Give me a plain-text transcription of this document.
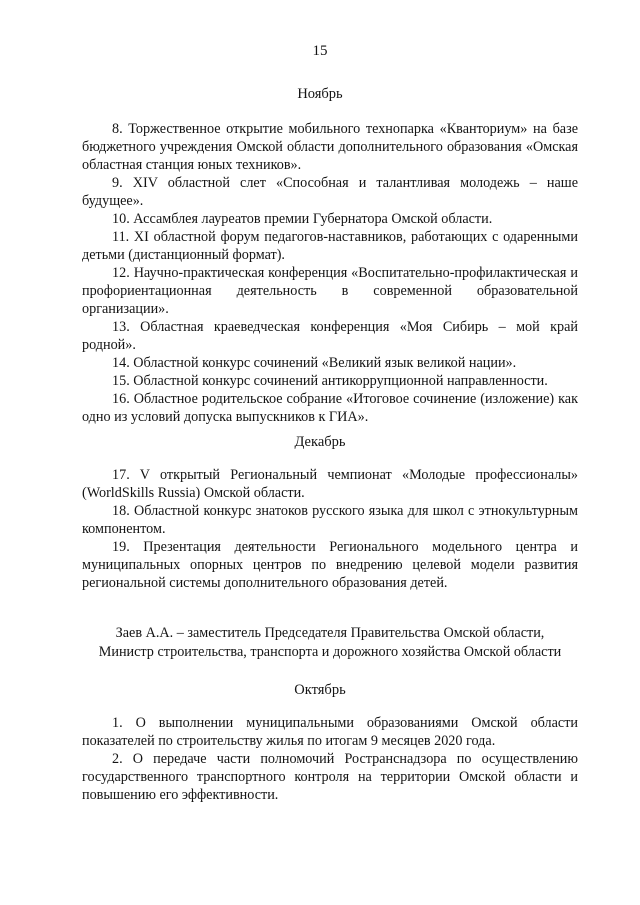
15
Ноябрь

8. Торжественное открытие мобильного технопарка «Кванториум» на базе бюджетного учреждения Омской области дополнительного образования «Омская областная станция юных техников».

9. XIV областной слет «Способная и талантливая молодежь – наше будущее».

10. Ассамблея лауреатов премии Губернатора Омской области.

11. XI областной форум педагогов-наставников, работающих с одаренными детьми (дистанционный формат).

12. Научно-практическая конференция «Воспитательно-профилактическая и профориентационная деятельность в современной образовательной организации».

13. Областная краеведческая конференция «Моя Сибирь – мой край родной».

14. Областной конкурс сочинений «Великий язык великой нации».

15. Областной конкурс сочинений антикоррупционной направленности.

16. Областное родительское собрание «Итоговое сочинение (изложение) как одно из условий допуска выпускников к ГИА».

Декабрь

17. V открытый Региональный чемпионат «Молодые профессионалы» (WorldSkills Russia) Омской области.

18. Областной конкурс знатоков русского языка для школ с этнокультурным компонентом.

19. Презентация деятельности Регионального модельного центра и муниципальных опорных центров по внедрению целевой модели развития региональной системы дополнительного образования детей.

Заев А.А. – заместитель Председателя Правительства Омской области,
Министр строительства, транспорта и дорожного хозяйства Омской области
Октябрь

1. О выполнении муниципальными образованиями Омской области показателей по строительству жилья по итогам 9 месяцев 2020 года.

2. О передаче части полномочий Ространснадзора по осуществлению государственного транспортного контроля на территории Омской области и повышению его эффективности.
